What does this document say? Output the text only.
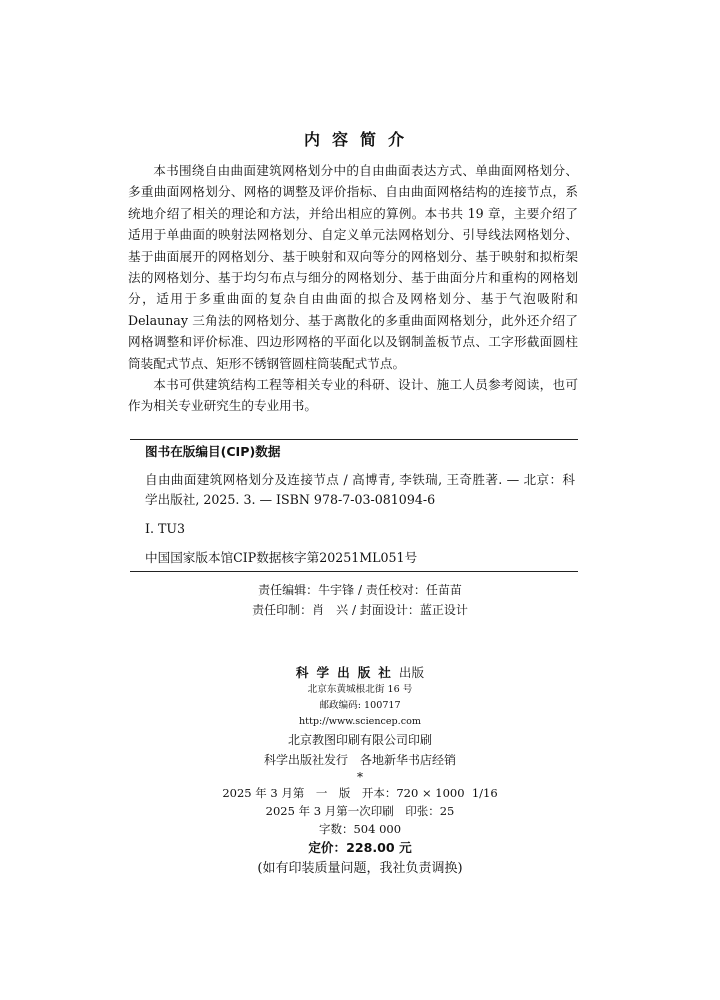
内容简介

本书围绕自由曲面建筑网格划分中的自由曲面表达方式、单曲面网格划分、多重曲面网格划分、网格的调整及评价指标、自由曲面网格结构的连接节点，系统地介绍了相关的理论和方法，并给出相应的算例。本书共 19 章，主要介绍了适用于单曲面的映射法网格划分、自定义单元法网格划分、引导线法网格划分、基于曲面展开的网格划分、基于映射和双向等分的网格划分、基于映射和拟桁架法的网格划分、基于均匀布点与细分的网格划分、基于曲面分片和重构的网格划分，适用于多重曲面的复杂自由曲面的拟合及网格划分、基于气泡吸附和 Delaunay 三角法的网格划分、基于离散化的多重曲面网格划分，此外还介绍了网格调整和评价标准、四边形网格的平面化以及钢制盖板节点、工字形截面圆柱筒装配式节点、矩形不锈钢管圆柱筒装配式节点。

本书可供建筑结构工程等相关专业的科研、设计、施工人员参考阅读，也可作为相关专业研究生的专业用书。

图书在版编目(CIP)数据
自由曲面建筑网格划分及连接节点 / 高博青, 李铁瑞, 王奇胜著. — 北京：科学出版社, 2025. 3. — ISBN 978-7-03-081094-6
Ⅰ. TU3
中国国家版本馆CIP数据核字第20251ML051号
责任编辑：牛宇锋 / 责任校对：任苗苗
责任印制：肖　兴 / 封面设计：蓝正设计
科学出版社出版
北京东黄城根北街 16 号
邮政编码: 100717
http://www.sciencep.com
北京教图印刷有限公司印刷
科学出版社发行　各地新华书店经销
*
2025 年 3 月第　一　版　开本：720 × 1000  1/16
2025 年 3 月第一次印刷　印张：25
字数：504 000
定价：228.00 元
(如有印装质量问题，我社负责调换)
